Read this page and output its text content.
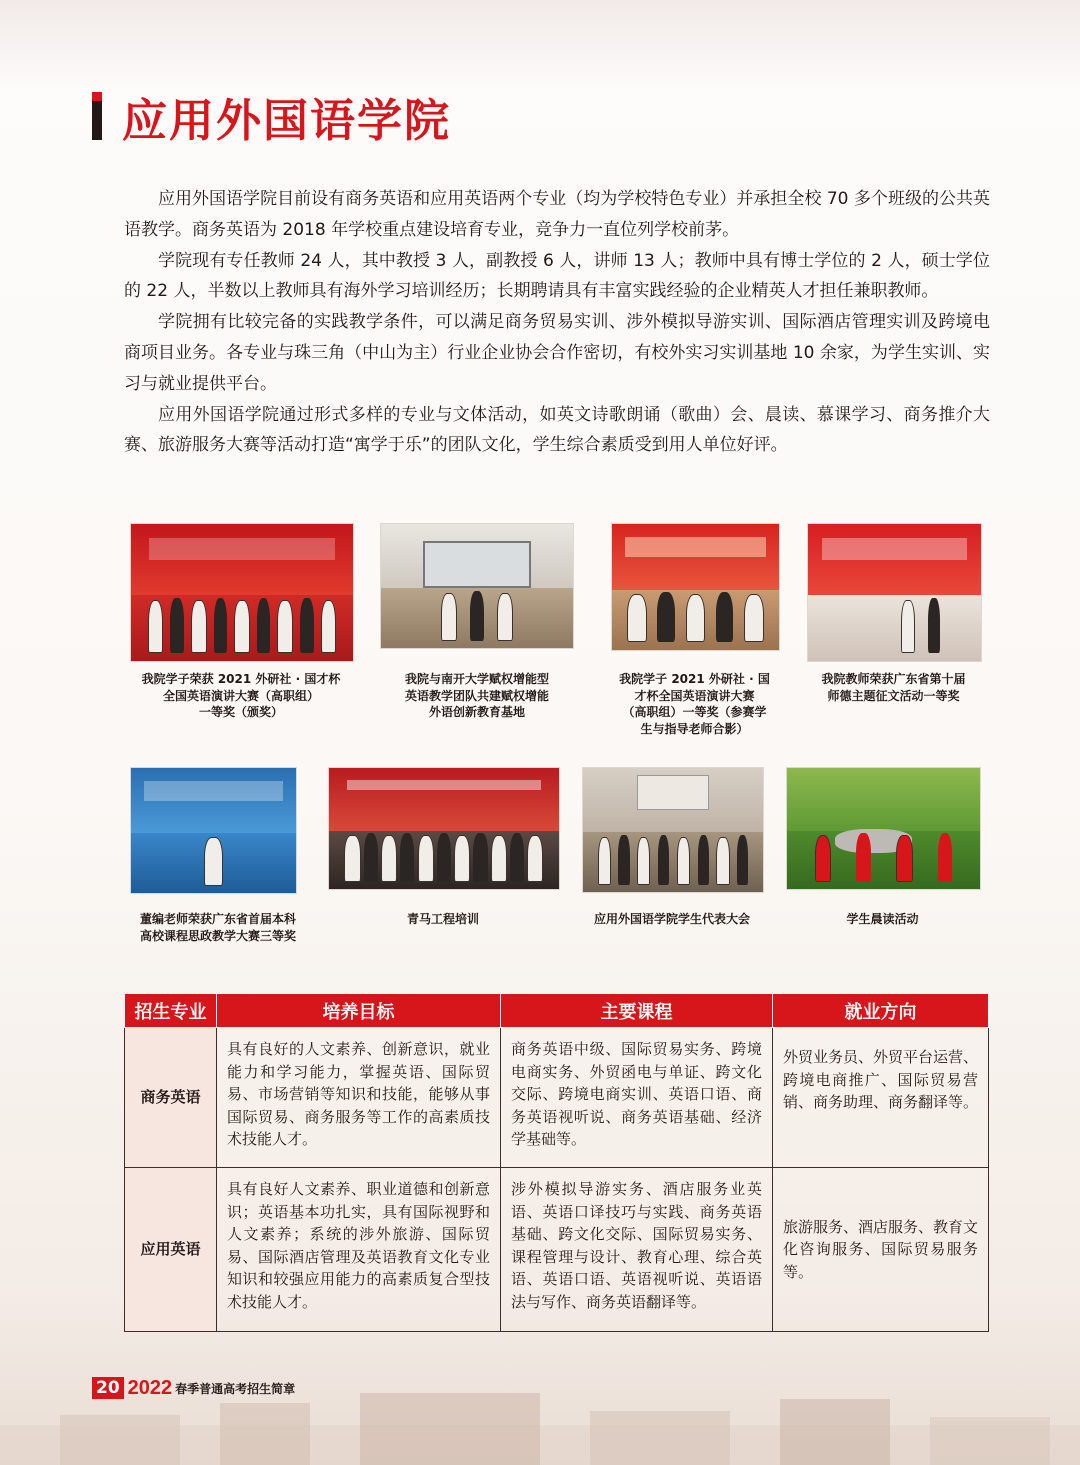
应用外国语学院

应用外国语学院目前设有商务英语和应用英语两个专业（均为学校特色专业）并承担全校 70 多个班级的公共英语教学。商务英语为 2018 年学校重点建设培育专业，竞争力一直位列学校前茅。

学院现有专任教师 24 人，其中教授 3 人，副教授 6 人，讲师 13 人；教师中具有博士学位的 2 人，硕士学位的 22 人，半数以上教师具有海外学习培训经历；长期聘请具有丰富实践经验的企业精英人才担任兼职教师。

学院拥有比较完备的实践教学条件，可以满足商务贸易实训、涉外模拟导游实训、国际酒店管理实训及跨境电商项目业务。各专业与珠三角（中山为主）行业企业协会合作密切，有校外实习实训基地 10 余家，为学生实训、实习与就业提供平台。

应用外国语学院通过形式多样的专业与文体活动，如英文诗歌朗诵（歌曲）会、晨读、慕课学习、商务推介大赛、旅游服务大赛等活动打造“寓学于乐”的团队文化，学生综合素质受到用人单位好评。

我院学子荣获 2021 外研社 · 国才杯
全国英语演讲大赛（高职组）
一等奖（颁奖）
我院与南开大学赋权增能型
英语教学团队共建赋权增能
外语创新教育基地
我院学子 2021 外研社 · 国
才杯全国英语演讲大赛
（高职组）一等奖（参赛学
生与指导老师合影）
我院教师荣获广东省第十届
师德主题征文活动一等奖
董编老师荣获广东省首届本科
高校课程思政教学大赛三等奖
青马工程培训	应用外国语学院学生代表大会	学生晨读活动
招生专业	培养目标	主要课程	就业方向
商务英语	具有良好的人文素养、创新意识，就业能力和学习能力，掌握英语、国际贸易、市场营销等知识和技能，能够从事国际贸易、商务服务等工作的高素质技术技能人才。	商务英语中级、国际贸易实务、跨境电商实务、外贸函电与单证、跨文化交际、跨境电商实训、英语口语、商务英语视听说、商务英语基础、经济学基础等。	外贸业务员、外贸平台运营、跨境电商推广、国际贸易营销、商务助理、商务翻译等。
应用英语	具有良好人文素养、职业道德和创新意识；英语基本功扎实，具有国际视野和人文素养；系统的涉外旅游、国际贸易、国际酒店管理及英语教育文化专业知识和较强应用能力的高素质复合型技术技能人才。	涉外模拟导游实务、酒店服务业英语、英语口译技巧与实践、商务英语基础、跨文化交际、国际贸易实务、课程管理与设计、教育心理、综合英语、英语口语、英语视听说、英语语法与写作、商务英语翻译等。	旅游服务、酒店服务、教育文化咨询服务、国际贸易服务等。
20 2022 春季普通高考招生简章
